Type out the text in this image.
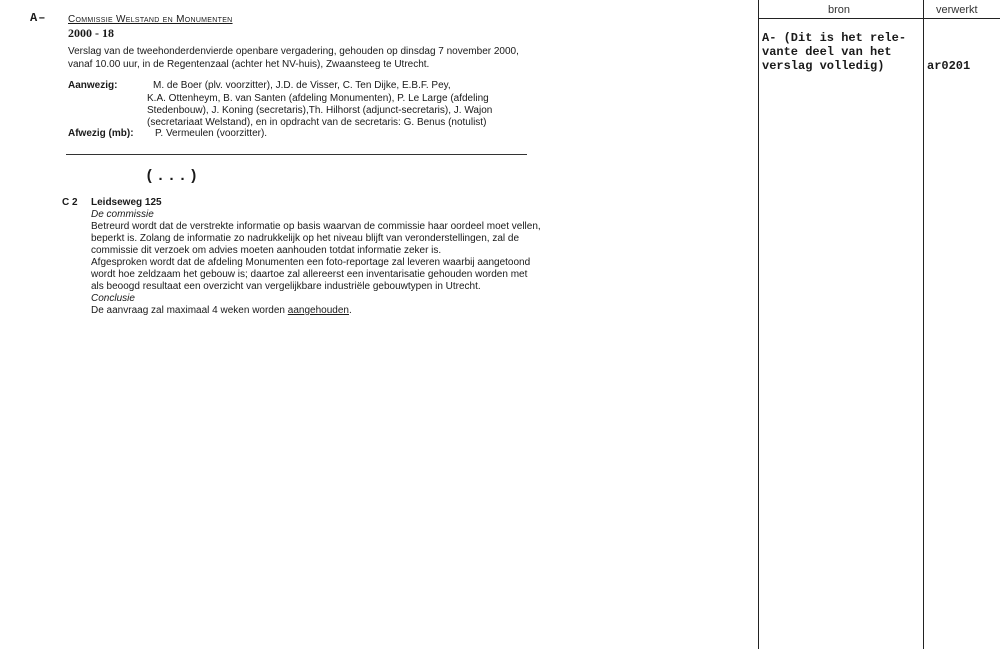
A– Commissie Welstand en Monumenten
2000 - 18
Verslag van de tweehonderdenvierde openbare vergadering, gehouden op dinsdag 7 november 2000,
vanaf 10.00 uur, in de Regentenzaal (achter het NV-huis), Zwaansteeg te Utrecht.
Aanwezig:	M. de Boer (plv. voorzitter), J.D. de Visser, C. Ten Dijke, E.B.F. Pey,
K.A. Ottenheym, B. van Santen (afdeling Monumenten), P. Le Large (afdeling
Stedenbouw), J. Koning (secretaris),Th. Hilhorst (adjunct-secretaris), J. Wajon
(secretariaat Welstand), en in opdracht van de secretaris: G. Benus (notulist)
Afwezig (mb): P. Vermeulen (voorzitter).
(...)
C 2 Leidseweg 125
De commissie
Betreurd wordt dat de verstrekte informatie op basis waarvan de commissie haar oordeel moet vellen,
beperkt is. Zolang de informatie zo nadrukkelijk op het niveau blijft van veronderstellingen, zal de
commissie dit verzoek om advies moeten aanhouden totdat informatie zeker is.
Afgesproken wordt dat de afdeling Monumenten een foto-reportage zal leveren waarbij aangetoond
wordt hoe zeldzaam het gebouw is; daartoe zal allereerst een inventarisatie gehouden worden met
als beoogd resultaat een overzicht van vergelijkbare industriële gebouwtypen in Utrecht.
Conclusie
De aanvraag zal maximaal 4 weken worden aangehouden.
bron	verwerkt
A- (Dit is het rele-
vante deel van het
verslag volledig)	ar0201
